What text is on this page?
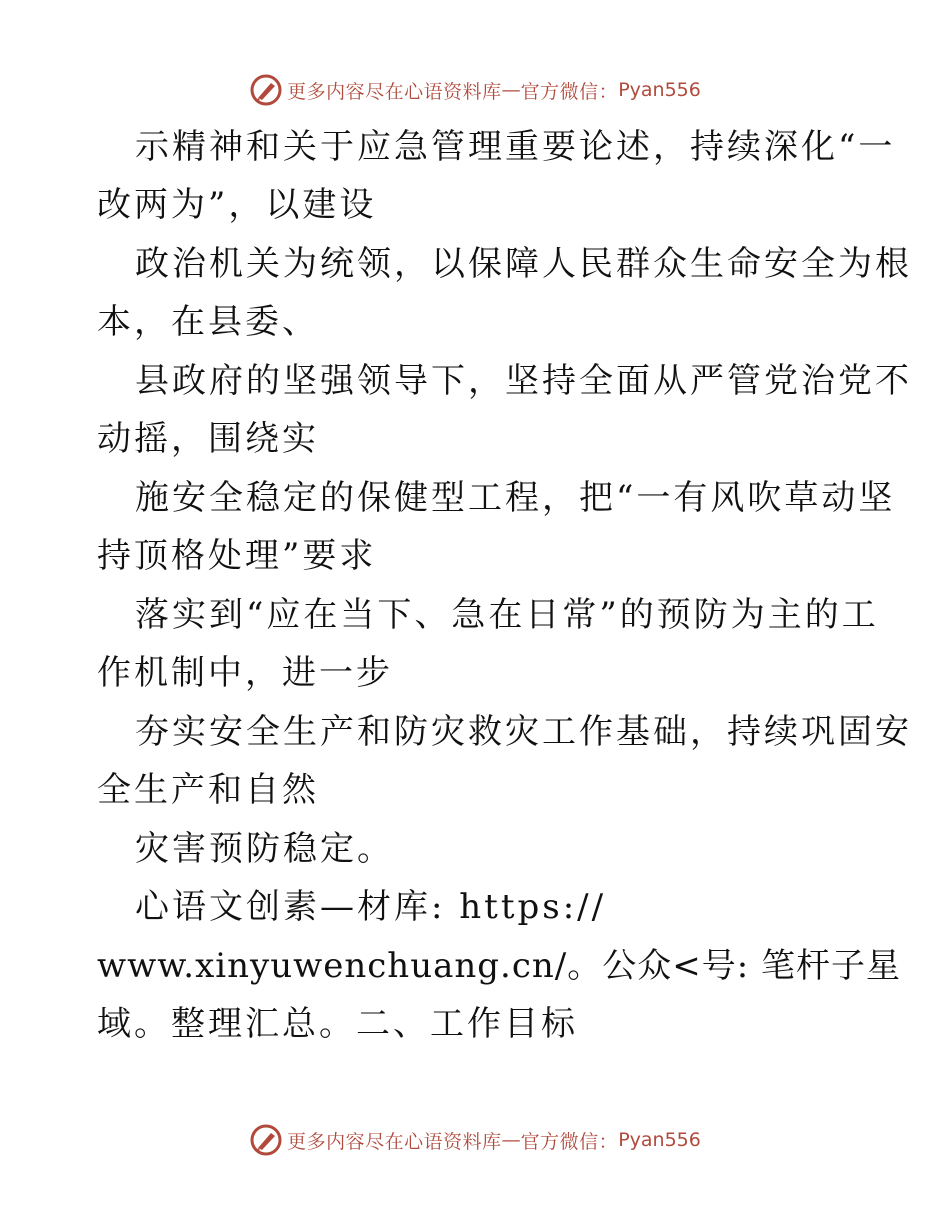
更多内容尽在心语资料库 — 官方微信： Pyan556
示精神和关于应急管理重要论述，持续深化“一
改两为”，以建设
政治机关为统领，以保障人民群众生命安全为根
本，在县委、
县政府的坚强领导下，坚持全面从严管党治党不
动摇，围绕实
施安全稳定的保健型工程，把“一有风吹草动坚
持顶格处理”要求
落实到“应在当下、急在日常”的预防为主的工
作机制中，进一步
夯实安全生产和防灾救灾工作基础，持续巩固安
全生产和自然
灾害预防稳定。
心语文创素—材库: https://
www.xinyuwenchuang.cn/。公众<号: 笔杆子星
域。整理汇总。二、工作目标
更多内容尽在心语资料库 — 官方微信： Pyan556
